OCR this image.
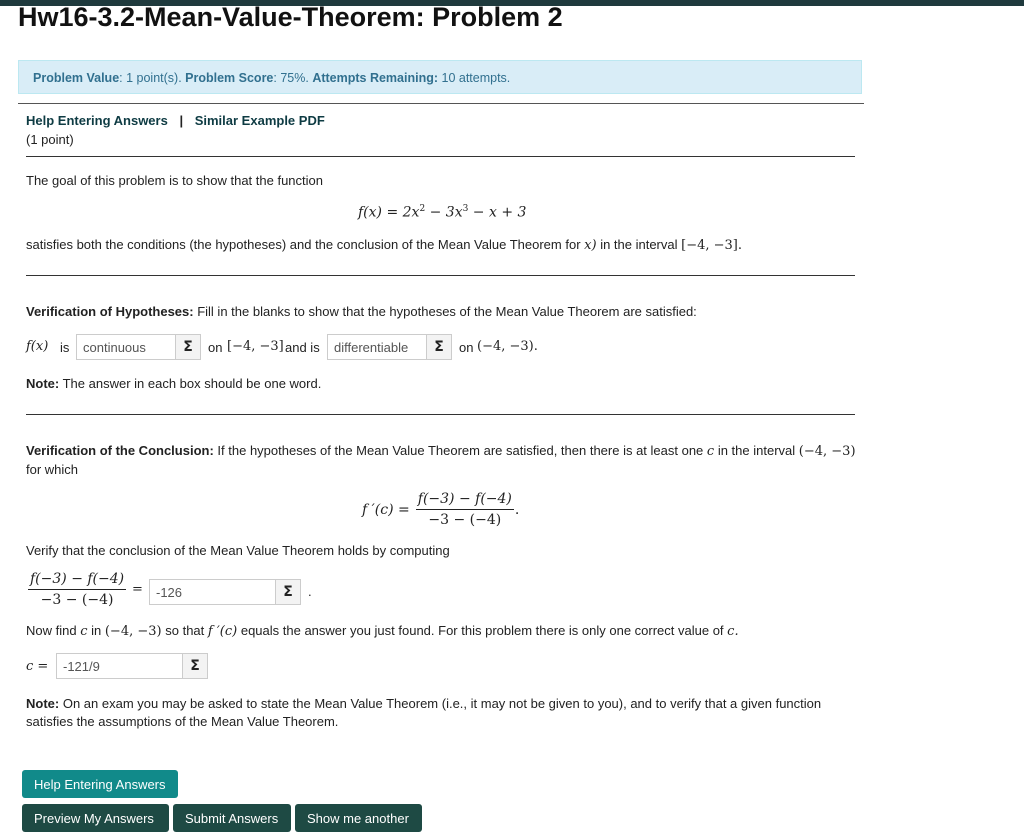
Hw16-3.2-Mean-Value-Theorem: Problem 2
Problem Value: 1 point(s). Problem Score: 75%. Attempts Remaining: 10 attempts.
Help Entering Answers | Similar Example PDF
(1 point)
The goal of this problem is to show that the function
$f(x) = 2x^2 - 3x^3 - x + 3$
satisfies both the conditions (the hypotheses) and the conclusion of the Mean Value Theorem for x) in the interval [−4, −3].
Verification of Hypotheses: Fill in the blanks to show that the hypotheses of the Mean Value Theorem are satisfied:
f(x) is
continuous	Σ	on [−4, −3] and is
differentiable	Σ	on (−4, −3).
Note: The answer in each box should be one word.
Verification of the Conclusion: If the hypotheses of the Mean Value Theorem are satisfied, then there is at least one c in the interval (−4, −3)
for which
f $'(c) = \frac{f(-3) - f(-4)}{-3 - (-4)}$ .
Verify that the conclusion of the Mean Value Theorem holds by computing
$\frac{f(-3) - f(-4)}{-3 - (-4)}$ =
-126	Σ	.
Now find c in (−4, −3) so that f ′(c) equals the answer you just found. For this problem there is only one correct value of c.
c =
-121/9	Σ
Note: On an exam you may be asked to state the Mean Value Theorem (i.e., it may not be given to you), and to verify that a given function
satisfies the assumptions of the Mean Value Theorem.
Help Entering Answers
Preview My Answers	Submit Answers	Show me another
